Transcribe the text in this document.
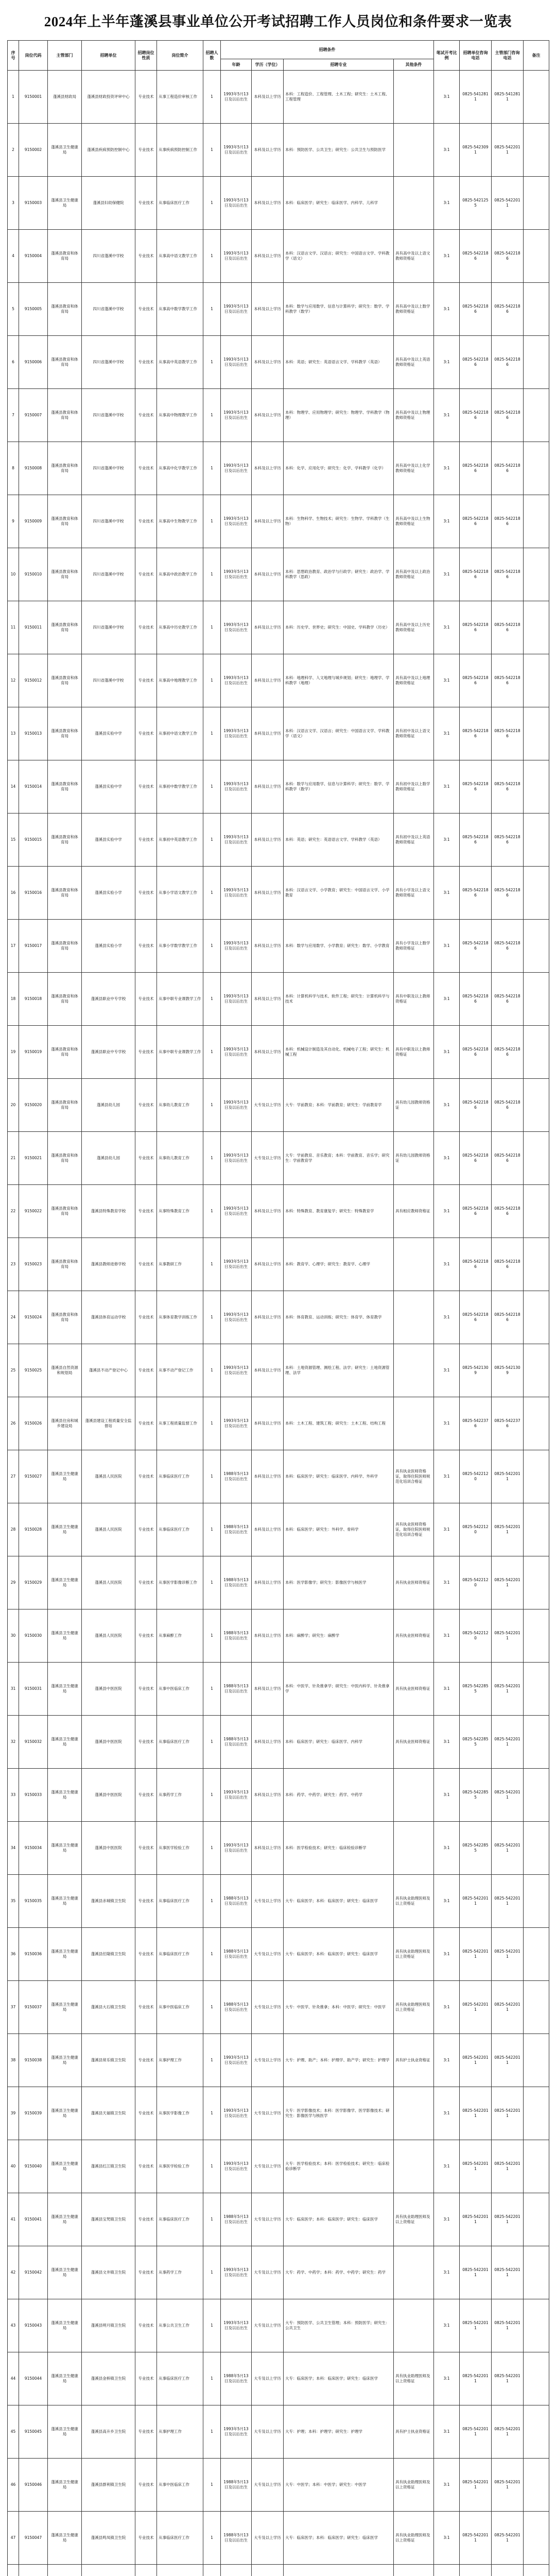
2024年上半年蓬溪县事业单位公开考试招聘工作人员岗位和条件要求一览表
序号	岗位代码	主管部门	招聘单位	招聘岗位性质	岗位简介	招聘人数	招聘条件				笔试开考比例	招聘单位咨询电话	主管部门咨询电话	备注
							年龄	学历（学位）	招聘专业	其他条件				
1	9150001	蓬溪县财政局	蓬溪县财政投资评审中心	专业技术	从事工程造价审核工作	1	1993年5月13日及以后出生	本科及以上学历	本科：工程造价、工程管理、土木工程；研究生：土木工程、工程管理		3:1	0825-5412811	0825-5412811	
2	9150002	蓬溪县卫生健康局	蓬溪县疾病预防控制中心	专业技术	从事疾病预防控制工作	1	1993年5月13日及以后出生	本科及以上学历	本科：预防医学、公共卫生；研究生：公共卫生与预防医学		3:1	0825-5423091	0825-5422011	
3	9150003	蓬溪县卫生健康局	蓬溪县妇幼保健院	专业技术	从事临床医疗工作	1	1993年5月13日及以后出生	本科及以上学历	本科：临床医学；研究生：临床医学、内科学、儿科学		3:1	0825-5421255	0825-5422011	
4	9150004	蓬溪县教育和体育局	四川省蓬溪中学校	专业技术	从事高中语文教学工作	1	1993年5月13日及以后出生	本科及以上学历	本科：汉语言文学、汉语言；研究生：中国语言文学、学科教学（语文）	具有高中及以上语文教师资格证	3:1	0825-5422186	0825-5422186	
5	9150005	蓬溪县教育和体育局	四川省蓬溪中学校	专业技术	从事高中数学教学工作	1	1993年5月13日及以后出生	本科及以上学历	本科：数学与应用数学、信息与计算科学；研究生：数学、学科教学（数学）	具有高中及以上数学教师资格证	3:1	0825-5422186	0825-5422186	
6	9150006	蓬溪县教育和体育局	四川省蓬溪中学校	专业技术	从事高中英语教学工作	1	1993年5月13日及以后出生	本科及以上学历	本科：英语；研究生：英语语言文学、学科教学（英语）	具有高中及以上英语教师资格证	3:1	0825-5422186	0825-5422186	
7	9150007	蓬溪县教育和体育局	四川省蓬溪中学校	专业技术	从事高中物理教学工作	1	1993年5月13日及以后出生	本科及以上学历	本科：物理学、应用物理学；研究生：物理学、学科教学（物理）	具有高中及以上物理教师资格证	3:1	0825-5422186	0825-5422186	
8	9150008	蓬溪县教育和体育局	四川省蓬溪中学校	专业技术	从事高中化学教学工作	1	1993年5月13日及以后出生	本科及以上学历	本科：化学、应用化学；研究生：化学、学科教学（化学）	具有高中及以上化学教师资格证	3:1	0825-5422186	0825-5422186	
9	9150009	蓬溪县教育和体育局	四川省蓬溪中学校	专业技术	从事高中生物教学工作	1	1993年5月13日及以后出生	本科及以上学历	本科：生物科学、生物技术；研究生：生物学、学科教学（生物）	具有高中及以上生物教师资格证	3:1	0825-5422186	0825-5422186	
10	9150010	蓬溪县教育和体育局	四川省蓬溪中学校	专业技术	从事高中政治教学工作	1	1993年5月13日及以后出生	本科及以上学历	本科：思想政治教育、政治学与行政学；研究生：政治学、学科教学（思政）	具有高中及以上政治教师资格证	3:1	0825-5422186	0825-5422186	
11	9150011	蓬溪县教育和体育局	四川省蓬溪中学校	专业技术	从事高中历史教学工作	1	1993年5月13日及以后出生	本科及以上学历	本科：历史学、世界史；研究生：中国史、学科教学（历史）	具有高中及以上历史教师资格证	3:1	0825-5422186	0825-5422186	
12	9150012	蓬溪县教育和体育局	四川省蓬溪中学校	专业技术	从事高中地理教学工作	1	1993年5月13日及以后出生	本科及以上学历	本科：地理科学、人文地理与城乡规划；研究生：地理学、学科教学（地理）	具有高中及以上地理教师资格证	3:1	0825-5422186	0825-5422186	
13	9150013	蓬溪县教育和体育局	蓬溪县实验中学	专业技术	从事初中语文教学工作	1	1993年5月13日及以后出生	本科及以上学历	本科：汉语言文学、汉语言；研究生：中国语言文学、学科教学（语文）	具有初中及以上语文教师资格证	3:1	0825-5422186	0825-5422186	
14	9150014	蓬溪县教育和体育局	蓬溪县实验中学	专业技术	从事初中数学教学工作	1	1993年5月13日及以后出生	本科及以上学历	本科：数学与应用数学、信息与计算科学；研究生：数学、学科教学（数学）	具有初中及以上数学教师资格证	3:1	0825-5422186	0825-5422186	
15	9150015	蓬溪县教育和体育局	蓬溪县实验中学	专业技术	从事初中英语教学工作	1	1993年5月13日及以后出生	本科及以上学历	本科：英语；研究生：英语语言文学、学科教学（英语）	具有初中及以上英语教师资格证	3:1	0825-5422186	0825-5422186	
16	9150016	蓬溪县教育和体育局	蓬溪县实验小学	专业技术	从事小学语文教学工作	1	1993年5月13日及以后出生	本科及以上学历	本科：汉语言文学、小学教育；研究生：中国语言文学、小学教育	具有小学及以上语文教师资格证	3:1	0825-5422186	0825-5422186	
17	9150017	蓬溪县教育和体育局	蓬溪县实验小学	专业技术	从事小学数学教学工作	1	1993年5月13日及以后出生	本科及以上学历	本科：数学与应用数学、小学教育；研究生：数学、小学教育	具有小学及以上数学教师资格证	3:1	0825-5422186	0825-5422186	
18	9150018	蓬溪县教育和体育局	蓬溪县职业中专学校	专业技术	从事中职专业课教学工作	1	1993年5月13日及以后出生	本科及以上学历	本科：计算机科学与技术、软件工程；研究生：计算机科学与技术	具有中职及以上教师资格证	3:1	0825-5422186	0825-5422186	
19	9150019	蓬溪县教育和体育局	蓬溪县职业中专学校	专业技术	从事中职专业课教学工作	1	1993年5月13日及以后出生	本科及以上学历	本科：机械设计制造及其自动化、机械电子工程；研究生：机械工程	具有中职及以上教师资格证	3:1	0825-5422186	0825-5422186	
20	9150020	蓬溪县教育和体育局	蓬溪县幼儿园	专业技术	从事幼儿教育工作	1	1993年5月13日及以后出生	大专及以上学历	大专：学前教育；本科：学前教育；研究生：学前教育学	具有幼儿园教师资格证	3:1	0825-5422186	0825-5422186	
21	9150021	蓬溪县教育和体育局	蓬溪县幼儿园	专业技术	从事幼儿教育工作	1	1993年5月13日及以后出生	大专及以上学历	大专：学前教育、音乐教育；本科：学前教育、音乐学；研究生：学前教育学	具有幼儿园教师资格证	3:1	0825-5422186	0825-5422186	
22	9150022	蓬溪县教育和体育局	蓬溪县特殊教育学校	专业技术	从事特殊教育工作	1	1993年5月13日及以后出生	本科及以上学历	本科：特殊教育、教育康复学；研究生：特殊教育学	具有相应教师资格证	3:1	0825-5422186	0825-5422186	
23	9150023	蓬溪县教育和体育局	蓬溪县教师进修学校	专业技术	从事教研工作	1	1993年5月13日及以后出生	本科及以上学历	本科：教育学、心理学；研究生：教育学、心理学		3:1	0825-5422186	0825-5422186	
24	9150024	蓬溪县教育和体育局	蓬溪县体育运动学校	专业技术	从事体育教学训练工作	1	1993年5月13日及以后出生	本科及以上学历	本科：体育教育、运动训练；研究生：体育学、体育教学		3:1	0825-5422186	0825-5422186	
25	9150025	蓬溪县自然资源和规划局	蓬溪县不动产登记中心	专业技术	从事不动产登记工作	1	1993年5月13日及以后出生	本科及以上学历	本科：土地资源管理、测绘工程、法学；研究生：土地资源管理、法学		3:1	0825-5421309	0825-5421309	
26	9150026	蓬溪县住房和城乡建设局	蓬溪县建设工程质量安全监督站	专业技术	从事工程质量监督工作	1	1993年5月13日及以后出生	本科及以上学历	本科：土木工程、建筑工程；研究生：土木工程、结构工程		3:1	0825-5422376	0825-5422376	
27	9150027	蓬溪县卫生健康局	蓬溪县人民医院	专业技术	从事临床医疗工作	1	1988年5月13日及以后出生	本科及以上学历	本科：临床医学；研究生：临床医学、内科学、外科学	具有执业医师资格证，取得住院医师规范化培训合格证	3:1	0825-5422120	0825-5422011	
28	9150028	蓬溪县卫生健康局	蓬溪县人民医院	专业技术	从事临床医疗工作	1	1988年5月13日及以后出生	本科及以上学历	本科：临床医学；研究生：外科学、骨科学	具有执业医师资格证，取得住院医师规范化培训合格证	3:1	0825-5422120	0825-5422011	
29	9150029	蓬溪县卫生健康局	蓬溪县人民医院	专业技术	从事医学影像诊断工作	1	1988年5月13日及以后出生	本科及以上学历	本科：医学影像学；研究生：影像医学与核医学	具有执业医师资格证	3:1	0825-5422120	0825-5422011	
30	9150030	蓬溪县卫生健康局	蓬溪县人民医院	专业技术	从事麻醉工作	1	1988年5月13日及以后出生	本科及以上学历	本科：麻醉学；研究生：麻醉学	具有执业医师资格证	3:1	0825-5422120	0825-5422011	
31	9150031	蓬溪县卫生健康局	蓬溪县中医医院	专业技术	从事中医临床工作	1	1988年5月13日及以后出生	本科及以上学历	本科：中医学、针灸推拿学；研究生：中医内科学、针灸推拿学	具有执业医师资格证	3:1	0825-5422855	0825-5422011	
32	9150032	蓬溪县卫生健康局	蓬溪县中医医院	专业技术	从事临床医疗工作	1	1988年5月13日及以后出生	本科及以上学历	本科：临床医学；研究生：临床医学、内科学	具有执业医师资格证	3:1	0825-5422855	0825-5422011	
33	9150033	蓬溪县卫生健康局	蓬溪县中医医院	专业技术	从事药学工作	1	1993年5月13日及以后出生	本科及以上学历	本科：药学、中药学；研究生：药学、中药学		3:1	0825-5422855	0825-5422011	
34	9150034	蓬溪县卫生健康局	蓬溪县中医医院	专业技术	从事医学检验工作	1	1993年5月13日及以后出生	本科及以上学历	本科：医学检验技术；研究生：临床检验诊断学		3:1	0825-5422855	0825-5422011	
35	9150035	蓬溪县卫生健康局	蓬溪县赤城镇卫生院	专业技术	从事临床医疗工作	1	1988年5月13日及以后出生	大专及以上学历	大专：临床医学；本科：临床医学；研究生：临床医学	具有执业助理医师及以上资格证	3:1	0825-5422011	0825-5422011	
36	9150036	蓬溪县卫生健康局	蓬溪县任隆镇卫生院	专业技术	从事临床医疗工作	1	1988年5月13日及以后出生	大专及以上学历	大专：临床医学；本科：临床医学；研究生：临床医学	具有执业助理医师及以上资格证	3:1	0825-5422011	0825-5422011	
37	9150037	蓬溪县卫生健康局	蓬溪县大石镇卫生院	专业技术	从事中医临床工作	1	1988年5月13日及以后出生	大专及以上学历	大专：中医学、针灸推拿；本科：中医学；研究生：中医学	具有执业助理医师及以上资格证	3:1	0825-5422011	0825-5422011	
38	9150038	蓬溪县卫生健康局	蓬溪县常乐镇卫生院	专业技术	从事护理工作	1	1993年5月13日及以后出生	大专及以上学历	大专：护理、助产；本科：护理学、助产学；研究生：护理学	具有护士执业资格证	3:1	0825-5422011	0825-5422011	
39	9150039	蓬溪县卫生健康局	蓬溪县天福镇卫生院	专业技术	从事医学影像工作	1	1993年5月13日及以后出生	大专及以上学历	大专：医学影像技术；本科：医学影像学、医学影像技术；研究生：影像医学与核医学		3:1	0825-5422011	0825-5422011	
40	9150040	蓬溪县卫生健康局	蓬溪县红江镇卫生院	专业技术	从事医学检验工作	1	1993年5月13日及以后出生	大专及以上学历	大专：医学检验技术；本科：医学检验技术；研究生：临床检验诊断学		3:1	0825-5422011	0825-5422011	
41	9150041	蓬溪县卫生健康局	蓬溪县宝梵镇卫生院	专业技术	从事临床医疗工作	1	1988年5月13日及以后出生	大专及以上学历	大专：临床医学；本科：临床医学；研究生：临床医学	具有执业助理医师及以上资格证	3:1	0825-5422011	0825-5422011	
42	9150042	蓬溪县卫生健康局	蓬溪县文井镇卫生院	专业技术	从事药学工作	1	1993年5月13日及以后出生	大专及以上学历	大专：药学、中药学；本科：药学、中药学；研究生：药学		3:1	0825-5422011	0825-5422011	
43	9150043	蓬溪县卫生健康局	蓬溪县明月镇卫生院	专业技术	从事公共卫生工作	1	1993年5月13日及以后出生	大专及以上学历	大专：预防医学、公共卫生管理；本科：预防医学；研究生：公共卫生		3:1	0825-5422011	0825-5422011	
44	9150044	蓬溪县卫生健康局	蓬溪县金桥镇卫生院	专业技术	从事临床医疗工作	1	1988年5月13日及以后出生	大专及以上学历	大专：临床医学；本科：临床医学；研究生：临床医学	具有执业助理医师及以上资格证	3:1	0825-5422011	0825-5422011	
45	9150045	蓬溪县卫生健康局	蓬溪县高升乡卫生院	专业技术	从事护理工作	1	1993年5月13日及以后出生	大专及以上学历	大专：护理；本科：护理学；研究生：护理学	具有护士执业资格证	3:1	0825-5422011	0825-5422011	
46	9150046	蓬溪县卫生健康局	蓬溪县群利镇卫生院	专业技术	从事中医临床工作	1	1988年5月13日及以后出生	大专及以上学历	大专：中医学；本科：中医学；研究生：中医学	具有执业助理医师及以上资格证	3:1	0825-5422011	0825-5422011	
47	9150047	蓬溪县卫生健康局	蓬溪县鸣凤镇卫生院	专业技术	从事临床医疗工作	1	1988年5月13日及以后出生	大专及以上学历	大专：临床医学；本科：临床医学；研究生：临床医学	具有执业助理医师及以上资格证	3:1	0825-5422011	0825-5422011	
